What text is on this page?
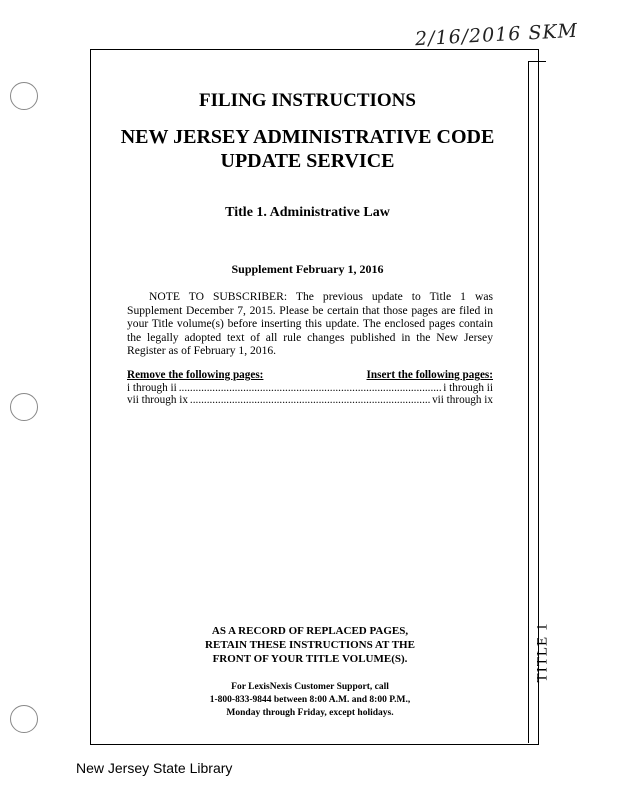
2/16/2016 SKM
TITLE 1
FILING INSTRUCTIONS
NEW JERSEY ADMINISTRATIVE CODE
UPDATE SERVICE
Title 1. Administrative Law
Supplement February 1, 2016
NOTE TO SUBSCRIBER: The previous update to Title 1 was Supplement December 7, 2015. Please be certain that those pages are filed in your Title volume(s) before inserting this update. The enclosed pages contain the legally adopted text of all rule changes published in the New Jersey Register as of February 1, 2016.
Remove the following pages:	Insert the following pages:
i through ii .....	i through ii
vii through ix .....	vii through ix
AS A RECORD OF REPLACED PAGES,
RETAIN THESE INSTRUCTIONS AT THE
FRONT OF YOUR TITLE VOLUME(S).
For LexisNexis Customer Support, call
1-800-833-9844 between 8:00 A.M. and 8:00 P.M.,
Monday through Friday, except holidays.
New Jersey State Library
